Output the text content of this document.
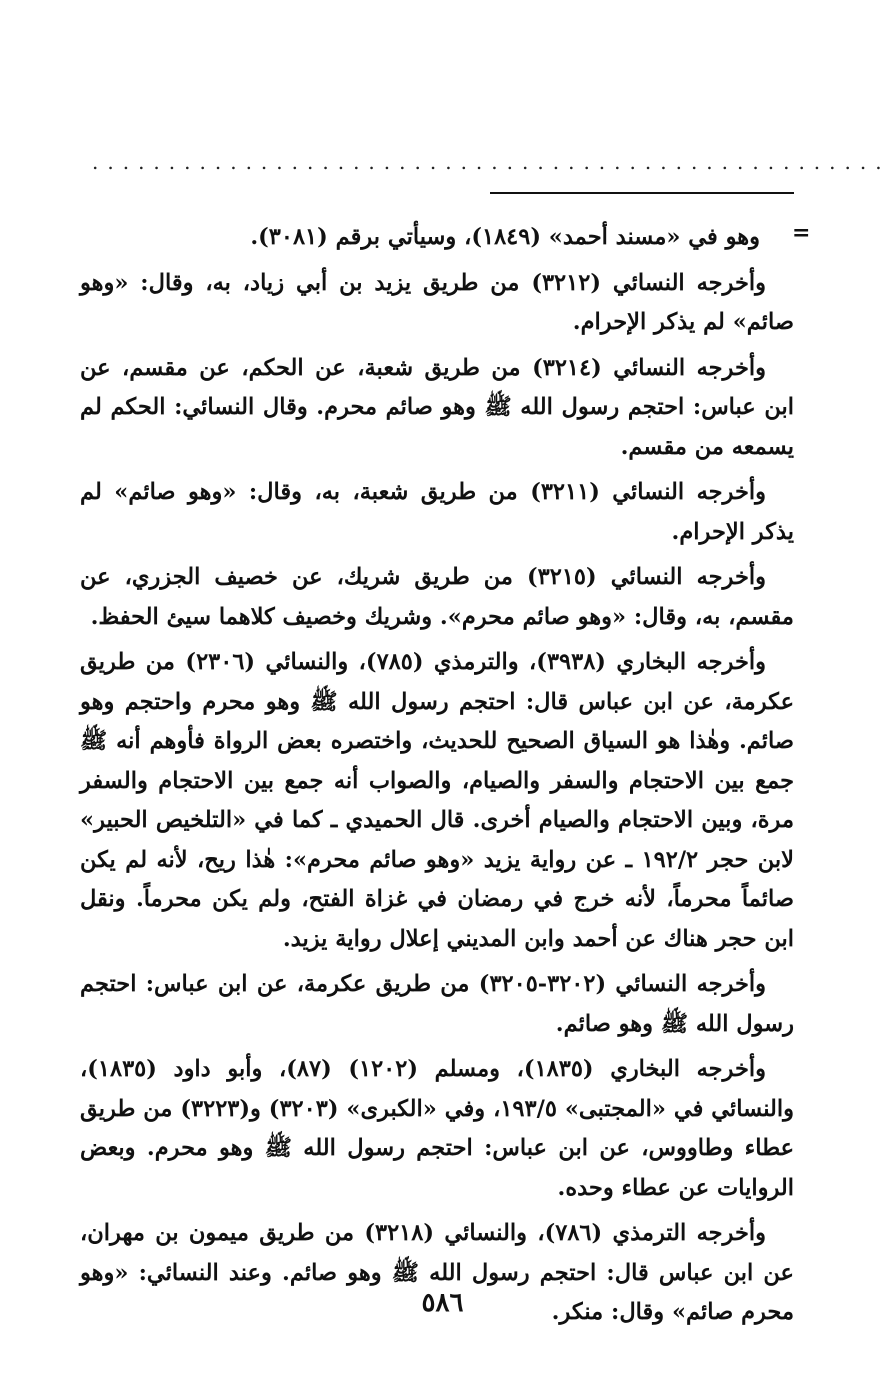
....................................................
=

وهو في «مسند أحمد» (١٨٤٩)، وسيأتي برقم (٣٠٨١).

وأخرجه النسائي (٣٢١٢) من طريق يزيد بن أبي زياد، به، وقال: «وهو صائم» لم يذكر الإحرام.

وأخرجه النسائي (٣٢١٤) من طريق شعبة، عن الحكم، عن مقسم، عن ابن عباس: احتجم رسول الله ﷺ وهو صائم محرم. وقال النسائي: الحكم لم يسمعه من مقسم.

وأخرجه النسائي (٣٢١١) من طريق شعبة، به، وقال: «وهو صائم» لم يذكر الإحرام.

وأخرجه النسائي (٣٢١٥) من طريق شريك، عن خصيف الجزري، عن مقسم، به، وقال: «وهو صائم محرم». وشريك وخصيف كلاهما سيئ الحفظ.

وأخرجه البخاري (٣٩٣٨)، والترمذي (٧٨٥)، والنسائي (٢٣٠٦) من طريق عكرمة، عن ابن عباس قال: احتجم رسول الله ﷺ وهو محرم واحتجم وهو صائم. وهٰذا هو السياق الصحيح للحديث، واختصره بعض الرواة فأوهم أنه ﷺ جمع بين الاحتجام والسفر والصيام، والصواب أنه جمع بين الاحتجام والسفر مرة، وبين الاحتجام والصيام أخرى. قال الحميدي ـ كما في «التلخيص الحبير» لابن حجر ١٩٢/٢ ـ عن رواية يزيد «وهو صائم محرم»: هٰذا ريح، لأنه لم يكن صائماً محرماً، لأنه خرج في رمضان في غزاة الفتح، ولم يكن محرماً. ونقل ابن حجر هناك عن أحمد وابن المديني إعلال رواية يزيد.

وأخرجه النسائي (٣٢٠٢-٣٢٠٥) من طريق عكرمة، عن ابن عباس: احتجم رسول الله ﷺ وهو صائم.

وأخرجه البخاري (١٨٣٥)، ومسلم (١٢٠٢) (٨٧)، وأبو داود (١٨٣٥)، والنسائي في «المجتبى» ١٩٣/٥، وفي «الكبرى» (٣٢٠٣) و(٣٢٢٣) من طريق عطاء وطاووس، عن ابن عباس: احتجم رسول الله ﷺ وهو محرم. وبعض الروايات عن عطاء وحده.

وأخرجه الترمذي (٧٨٦)، والنسائي (٣٢١٨) من طريق ميمون بن مهران، عن ابن عباس قال: احتجم رسول الله ﷺ وهو صائم. وعند النسائي: «وهو محرم صائم» وقال: منكر.

٥٨٦
